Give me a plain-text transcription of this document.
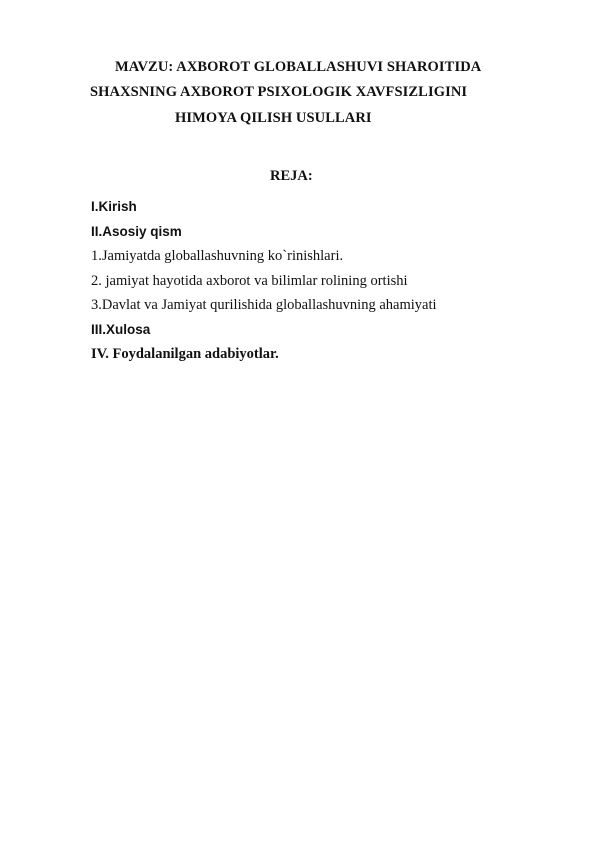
MAVZU: AXBOROT GLOBALLASHUVI SHAROITIDA
SHAXSNING AXBOROT PSIXOLOGIK XAVFSIZLIGINI
HIMOYA QILISH USULLARI
REJA:
I.Kirish
II.Asosiy qism
1.Jamiyatda globallashuvning ko`rinishlari.
2. jamiyat hayotida axborot va bilimlar rolining ortishi
3.Davlat va Jamiyat qurilishida globallashuvning ahamiyati
III.Xulosa
IV. Foydalanilgan adabiyotlar.
